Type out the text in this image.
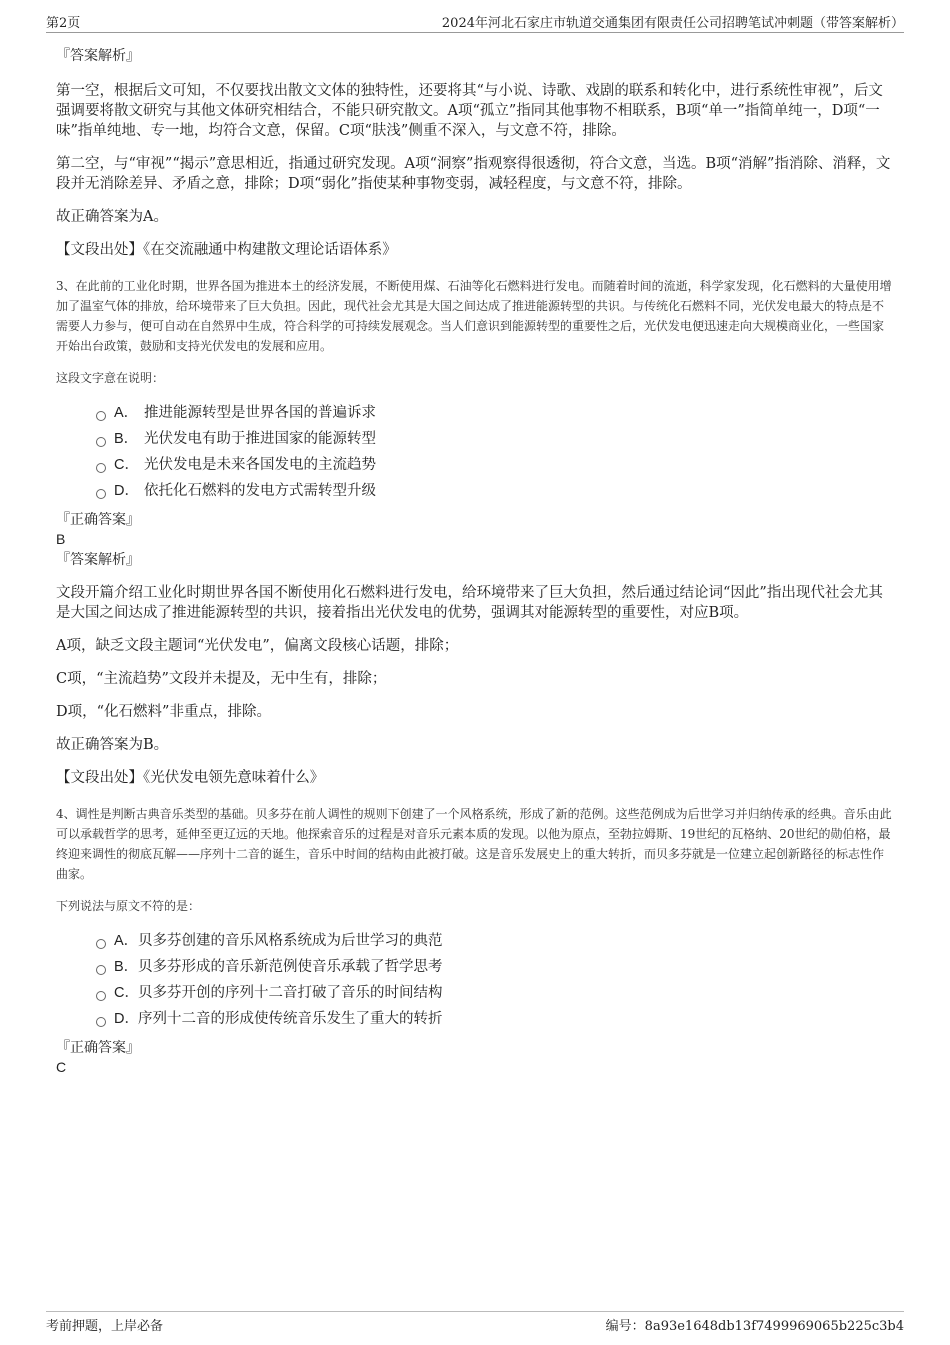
第2页	2024年河北石家庄市轨道交通集团有限责任公司招聘笔试冲刺题（带答案解析）

『答案解析』

第一空，根据后文可知，不仅要找出散文文体的独特性，还要将其“与小说、诗歌、戏剧的联系和转化中，进行系统性审视”，后文强调要将散文研究与其他文体研究相结合，不能只研究散文。A项“孤立”指同其他事物不相联系，B项“单一”指简单纯一，D项“一味”指单纯地、专一地，均符合文意，保留。C项“肤浅”侧重不深入，与文意不符，排除。

第二空，与“审视”“揭示”意思相近，指通过研究发现。A项“洞察”指观察得很透彻，符合文意，当选。B项“消解”指消除、消释，文段并无消除差异、矛盾之意，排除；D项“弱化”指使某种事物变弱，减轻程度，与文意不符，排除。

故正确答案为A。

【文段出处】《在交流融通中构建散文理论话语体系》

3、在此前的工业化时期，世界各国为推进本土的经济发展，不断使用煤、石油等化石燃料进行发电。而随着时间的流逝，科学家发现，化石燃料的大量使用增加了温室气体的排放，给环境带来了巨大负担。因此，现代社会尤其是大国之间达成了推进能源转型的共识。与传统化石燃料不同，光伏发电最大的特点是不需要人力参与，便可自动在自然界中生成，符合科学的可持续发展观念。当人们意识到能源转型的重要性之后，光伏发电便迅速走向大规模商业化，一些国家开始出台政策，鼓励和支持光伏发电的发展和应用。

这段文字意在说明：

A． 推进能源转型是世界各国的普遍诉求
B． 光伏发电有助于推进国家的能源转型
C． 光伏发电是未来各国发电的主流趋势
D． 依托化石燃料的发电方式需转型升级

『正确答案』

B

『答案解析』

文段开篇介绍工业化时期世界各国不断使用化石燃料进行发电，给环境带来了巨大负担，然后通过结论词“因此”指出现代社会尤其是大国之间达成了推进能源转型的共识，接着指出光伏发电的优势，强调其对能源转型的重要性，对应B项。

A项，缺乏文段主题词“光伏发电”，偏离文段核心话题，排除；

C项，“主流趋势”文段并未提及，无中生有，排除；

D项，“化石燃料”非重点，排除。

故正确答案为B。

【文段出处】《光伏发电领先意味着什么》

4、调性是判断古典音乐类型的基础。贝多芬在前人调性的规则下创建了一个风格系统，形成了新的范例。这些范例成为后世学习并归纳传承的经典。音乐由此可以承载哲学的思考，延伸至更辽远的天地。他探索音乐的过程是对音乐元素本质的发现。以他为原点，至勃拉姆斯、19世纪的瓦格纳、20世纪的勋伯格，最终迎来调性的彻底瓦解——序列十二音的诞生，音乐中时间的结构由此被打破。这是音乐发展史上的重大转折，而贝多芬就是一位建立起创新路径的标志性作曲家。

下列说法与原文不符的是：

A． 贝多芬创建的音乐风格系统成为后世学习的典范
B． 贝多芬形成的音乐新范例使音乐承载了哲学思考
C． 贝多芬开创的序列十二音打破了音乐的时间结构
D． 序列十二音的形成使传统音乐发生了重大的转折

『正确答案』

C

考前押题，上岸必备	编号：8a93e1648db13f7499969065b225c3b4
